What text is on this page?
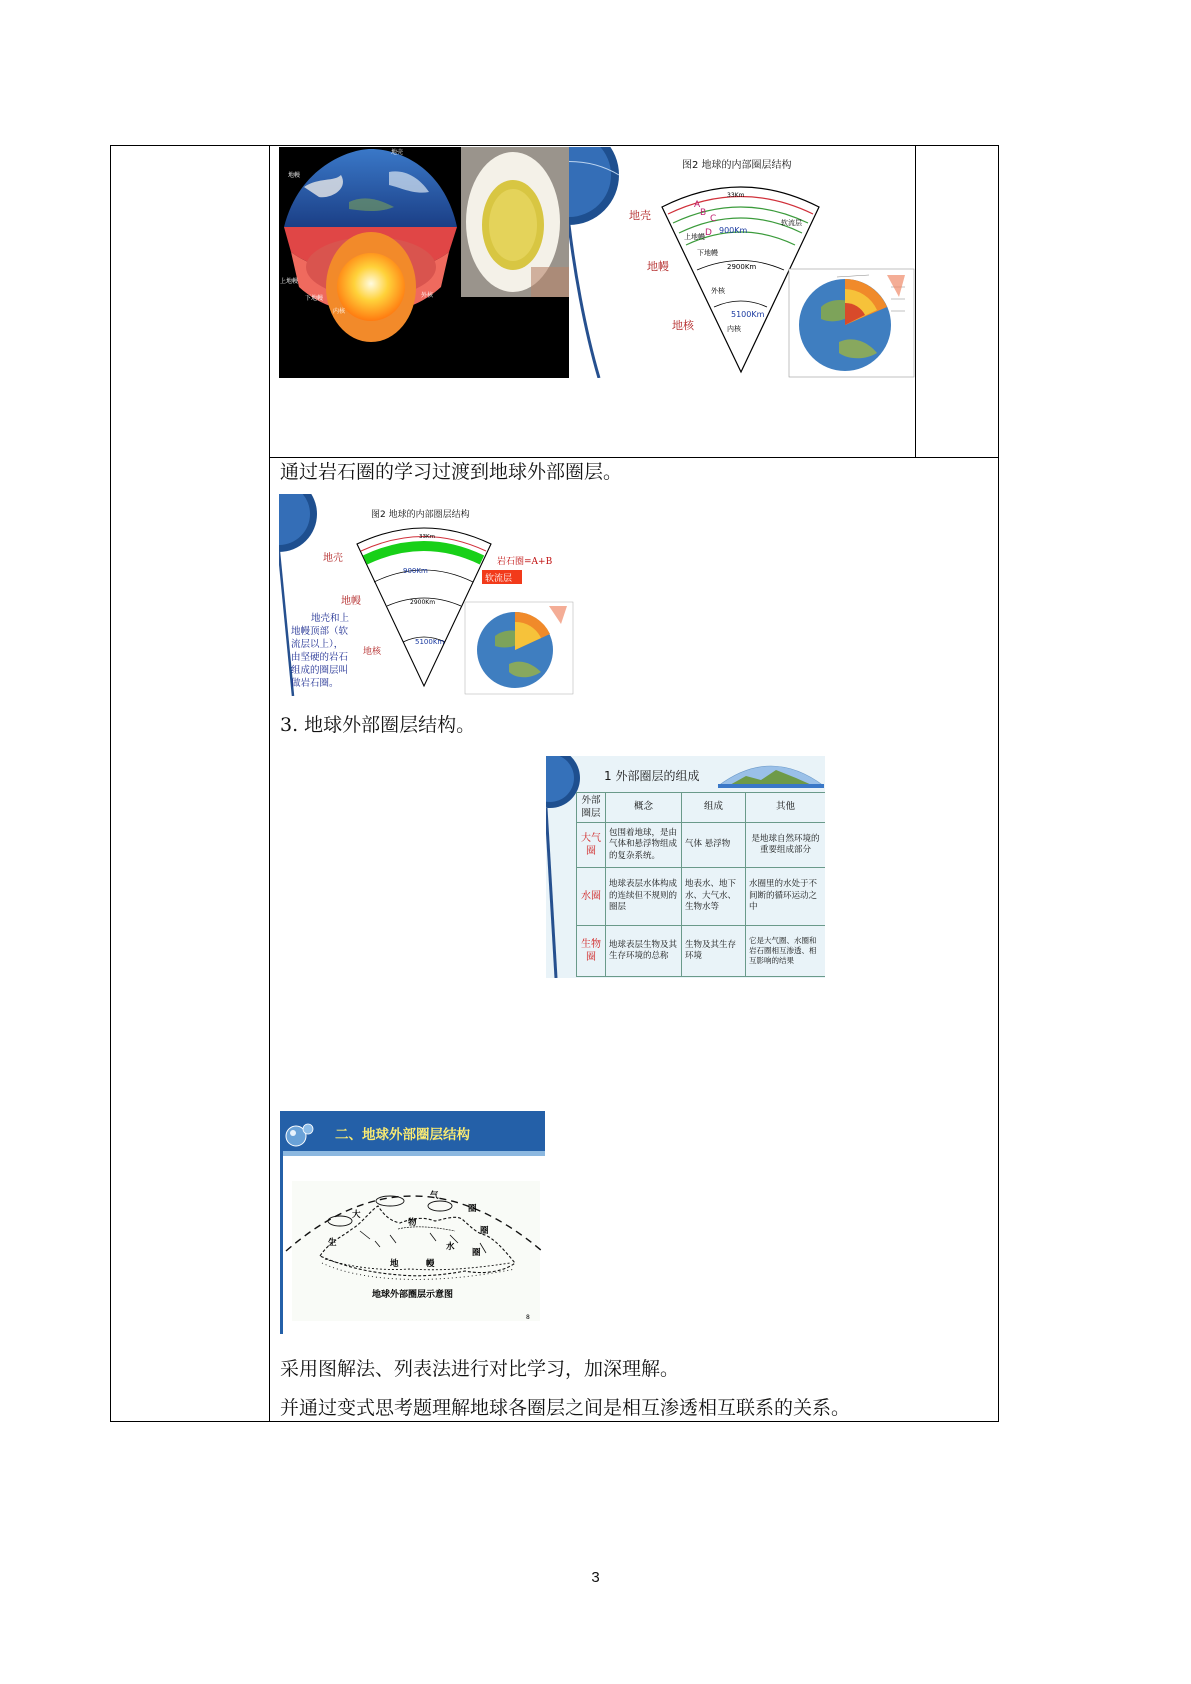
地壳
地幔
上地幔
下地幔	外核
内核
图2 地球的内部圈层结构
地壳
地幔
地核
A
B
C
D
33Km
900Km
2900Km
5100Km
上地幔
下地幔
外核
内核
软流层
通过岩石圈的学习过渡到地球外部圈层。
图2 地球的内部圈层结构
地壳
地幔
地核
33Km
900Km
2900Km
5100Km
岩石圈=A+B
软流层
地壳和上
地幔顶部（软
流层以上），
由坚硬的岩石
组成的圈层叫
做岩石圈。
3. 地球外部圈层结构。
1 外部圈层的组成
外部圈层	概念	组成	其他
大气圈	包围着地球，是由气体和悬浮物组成的复杂系统。	气体 悬浮物	是地球自然环境的重要组成部分
水圈	地球表层水体构成的连续但不规则的圈层	地表水、地下水、大气水、生物水等	水圈里的水处于不间断的循环运动之中
生物圈	地球表层生物及其生存环境的总称	生物及其生存环境	它是大气圈、水圈和岩石圈相互渗透、相互影响的结果
二、地球外部圈层结构
大
气
圈
生
物
圈
地	幔
水
圈
地球外部圈层示意图
8
采用图解法、列表法进行对比学习，加深理解。
并通过变式思考题理解地球各圈层之间是相互渗透相互联系的关系。
3
